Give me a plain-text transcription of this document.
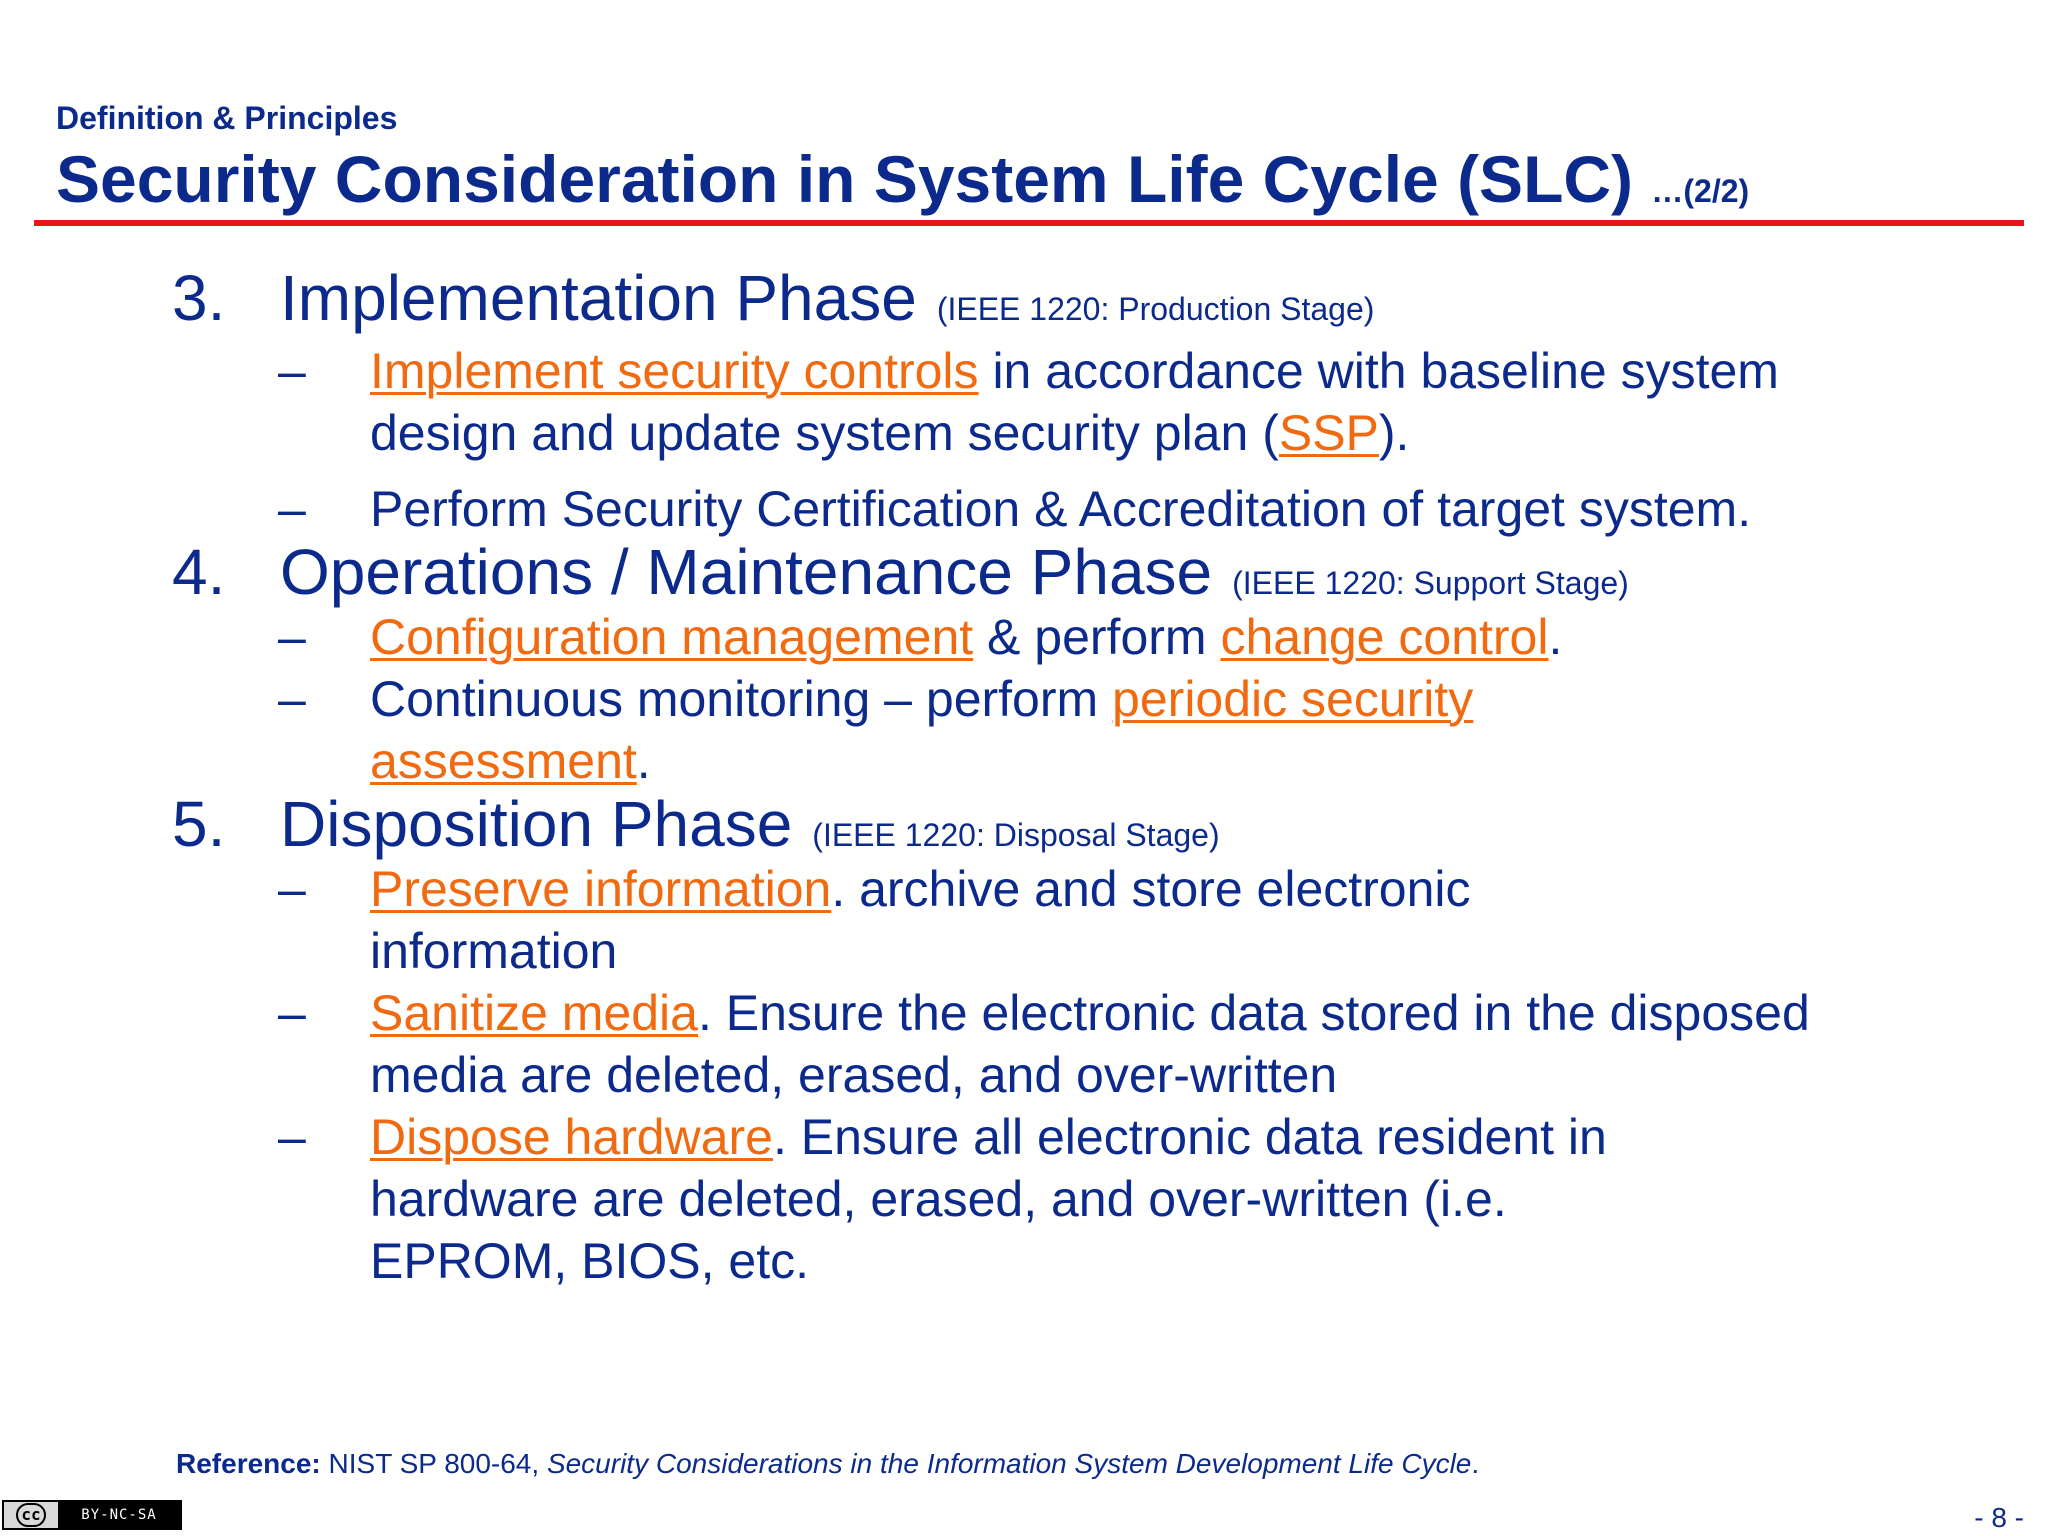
Definition & Principles
Security Consideration in System Life Cycle (SLC) …(2/2)
3. Implementation Phase (IEEE 1220: Production Stage)
–	Implement security controls in accordance with baseline system design and update system security plan (SSP).
–	Perform Security Certification & Accreditation of target system.
4. Operations / Maintenance Phase (IEEE 1220: Support Stage)
–	Configuration management & perform change control.
–	Continuous monitoring – perform periodic security assessment.
5. Disposition Phase (IEEE 1220: Disposal Stage)
–	Preserve information. archive and store electronic information
–	Sanitize media. Ensure the electronic data stored in the disposed media are deleted, erased, and over-written
–	Dispose hardware. Ensure all electronic data resident in hardware are deleted, erased, and over-written (i.e. EPROM, BIOS, etc.
Reference: NIST SP 800-64, Security Considerations in the Information System Development Life Cycle.
cc	BY-NC-SA	- 8 -
